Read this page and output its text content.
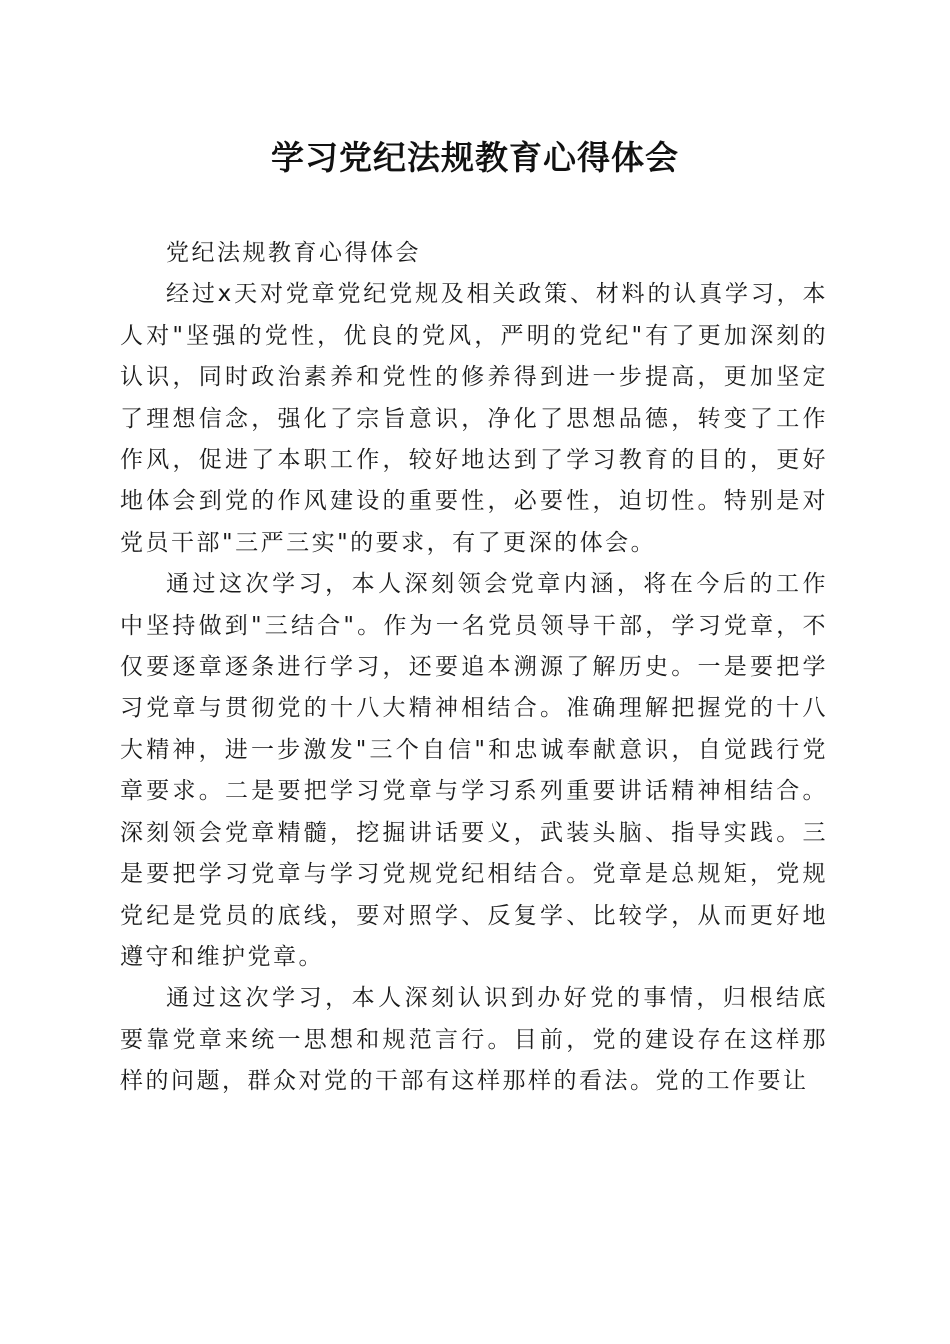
学习党纪法规教育心得体会

党纪法规教育心得体会

经过x天对党章党纪党规及相关政策、材料的认真学习，本人对"坚强的党性，优良的党风，严明的党纪"有了更加深刻的认识，同时政治素养和党性的修养得到进一步提高，更加坚定了理想信念，强化了宗旨意识，净化了思想品德，转变了工作作风，促进了本职工作，较好地达到了学习教育的目的，更好地体会到党的作风建设的重要性，必要性，迫切性。特别是对党员干部"三严三实"的要求，有了更深的体会。

通过这次学习，本人深刻领会党章内涵，将在今后的工作中坚持做到"三结合"。作为一名党员领导干部，学习党章，不仅要逐章逐条进行学习，还要追本溯源了解历史。一是要把学习党章与贯彻党的十八大精神相结合。准确理解把握党的十八大精神，进一步激发"三个自信"和忠诚奉献意识，自觉践行党章要求。二是要把学习党章与学习系列重要讲话精神相结合。深刻领会党章精髓，挖掘讲话要义，武装头脑、指导实践。三是要把学习党章与学习党规党纪相结合。党章是总规矩，党规党纪是党员的底线，要对照学、反复学、比较学，从而更好地遵守和维护党章。

通过这次学习，本人深刻认识到办好党的事情，归根结底要靠党章来统一思想和规范言行。目前，党的建设存在这样那样的问题，群众对党的干部有这样那样的看法。党的工作要让
